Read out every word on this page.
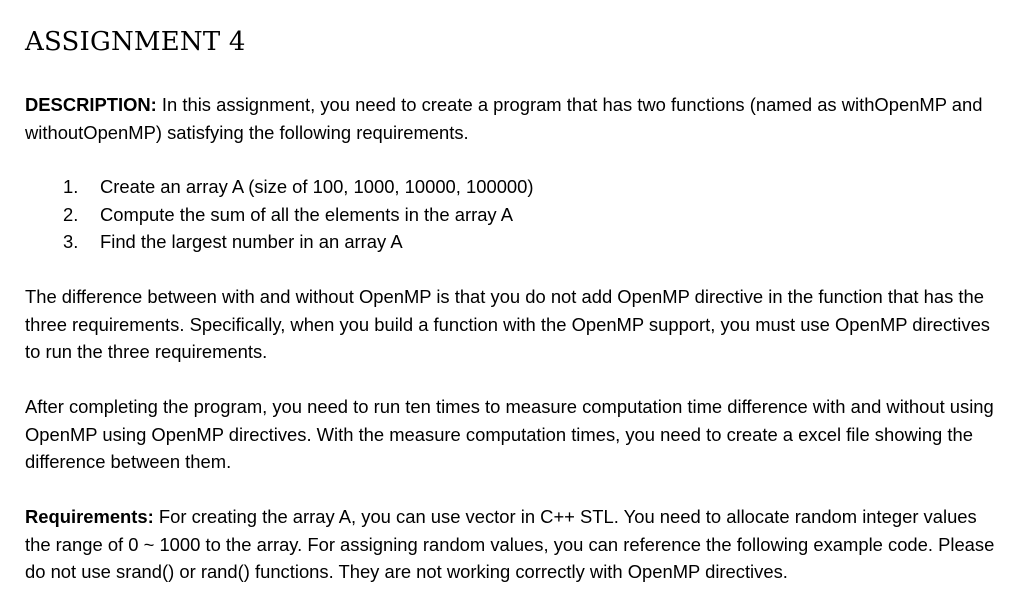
ASSIGNMENT 4

DESCRIPTION: In this assignment, you need to create a program that has two functions (named as withOpenMP and withoutOpenMP) satisfying the following requirements.

1. Create an array A (size of 100, 1000, 10000, 100000)
2. Compute the sum of all the elements in the array A
3. Find the largest number in an array A

The difference between with and without OpenMP is that you do not add OpenMP directive in the function that has the three requirements. Specifically, when you build a function with the OpenMP support, you must use OpenMP directives to run the three requirements.

After completing the program, you need to run ten times to measure computation time difference with and without using OpenMP using OpenMP directives. With the measure computation times, you need to create a excel file showing the difference between them.

Requirements: For creating the array A, you can use vector in C++ STL. You need to allocate random integer values the range of 0 ~ 1000 to the array. For assigning random values, you can reference the following example code. Please do not use srand() or rand() functions. They are not working correctly with OpenMP directives.
